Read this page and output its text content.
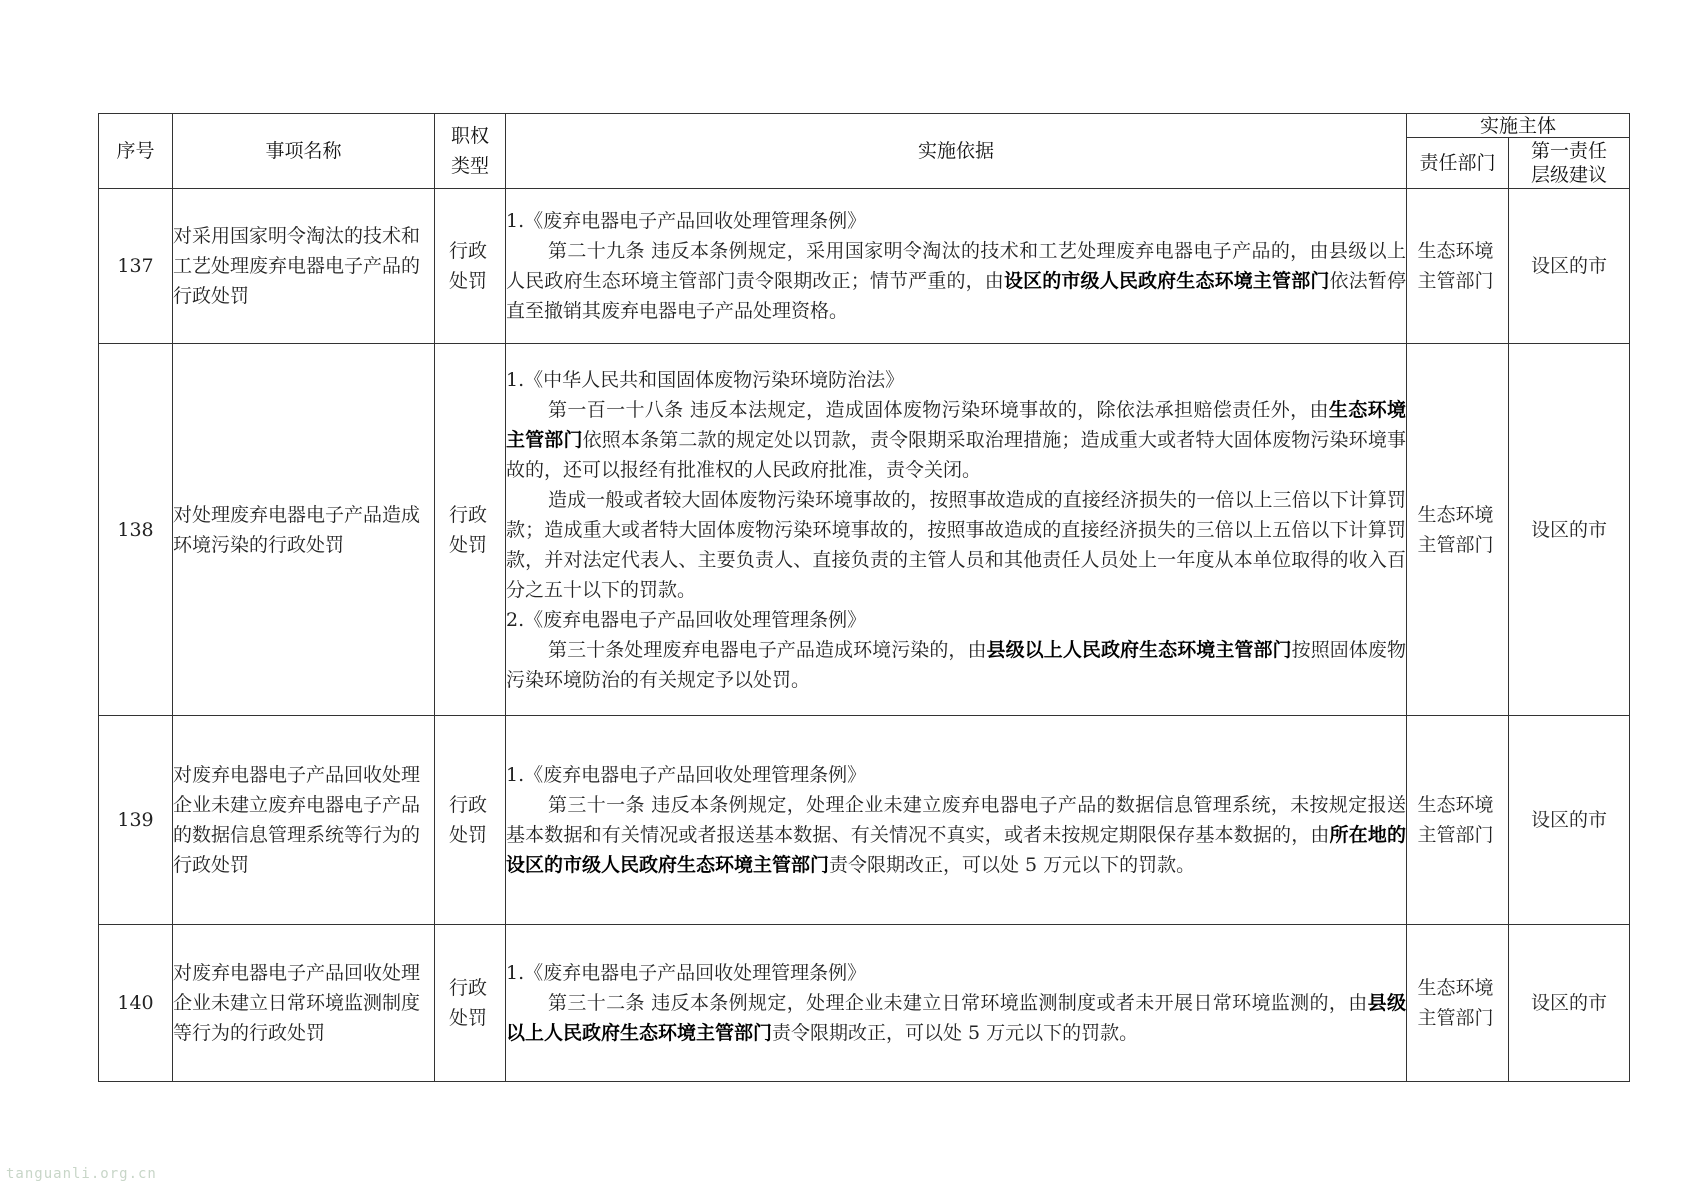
序号	事项名称	职权类型	实施依据	实施主体	
				责任部门	第一责任层级建议
137	对采用国家明令淘汰的技术和工艺处理废弃电器电子产品的行政处罚	行政处罚	1.《废弃电器电子产品回收处理管理条例》

第二十九条 违反本条例规定，采用国家明令淘汰的技术和工艺处理废弃电器电子产品的，由县级以上人民政府生态环境主管部门责令限期改正；情节严重的，由设区的市级人民政府生态环境主管部门依法暂停直至撤销其废弃电器电子产品处理资格。	生态环境主管部门	设区的市
138	对处理废弃电器电子产品造成环境污染的行政处罚	行政处罚	1.《中华人民共和国固体废物污染环境防治法》

第一百一十八条 违反本法规定，造成固体废物污染环境事故的，除依法承担赔偿责任外，由生态环境主管部门依照本条第二款的规定处以罚款，责令限期采取治理措施；造成重大或者特大固体废物污染环境事故的，还可以报经有批准权的人民政府批准，责令关闭。

造成一般或者较大固体废物污染环境事故的，按照事故造成的直接经济损失的一倍以上三倍以下计算罚款；造成重大或者特大固体废物污染环境事故的，按照事故造成的直接经济损失的三倍以上五倍以下计算罚款，并对法定代表人、主要负责人、直接负责的主管人员和其他责任人员处上一年度从本单位取得的收入百分之五十以下的罚款。

2.《废弃电器电子产品回收处理管理条例》

第三十条处理废弃电器电子产品造成环境污染的，由县级以上人民政府生态环境主管部门按照固体废物污染环境防治的有关规定予以处罚。	生态环境主管部门	设区的市
139	对废弃电器电子产品回收处理企业未建立废弃电器电子产品的数据信息管理系统等行为的行政处罚	行政处罚	1.《废弃电器电子产品回收处理管理条例》

第三十一条 违反本条例规定，处理企业未建立废弃电器电子产品的数据信息管理系统，未按规定报送基本数据和有关情况或者报送基本数据、有关情况不真实，或者未按规定期限保存基本数据的，由所在地的设区的市级人民政府生态环境主管部门责令限期改正，可以处 5 万元以下的罚款。	生态环境主管部门	设区的市
140	对废弃电器电子产品回收处理企业未建立日常环境监测制度等行为的行政处罚	行政处罚	1.《废弃电器电子产品回收处理管理条例》

第三十二条 违反本条例规定，处理企业未建立日常环境监测制度或者未开展日常环境监测的，由县级以上人民政府生态环境主管部门责令限期改正，可以处 5 万元以下的罚款。	生态环境主管部门	设区的市
tanguanli.org.cn
